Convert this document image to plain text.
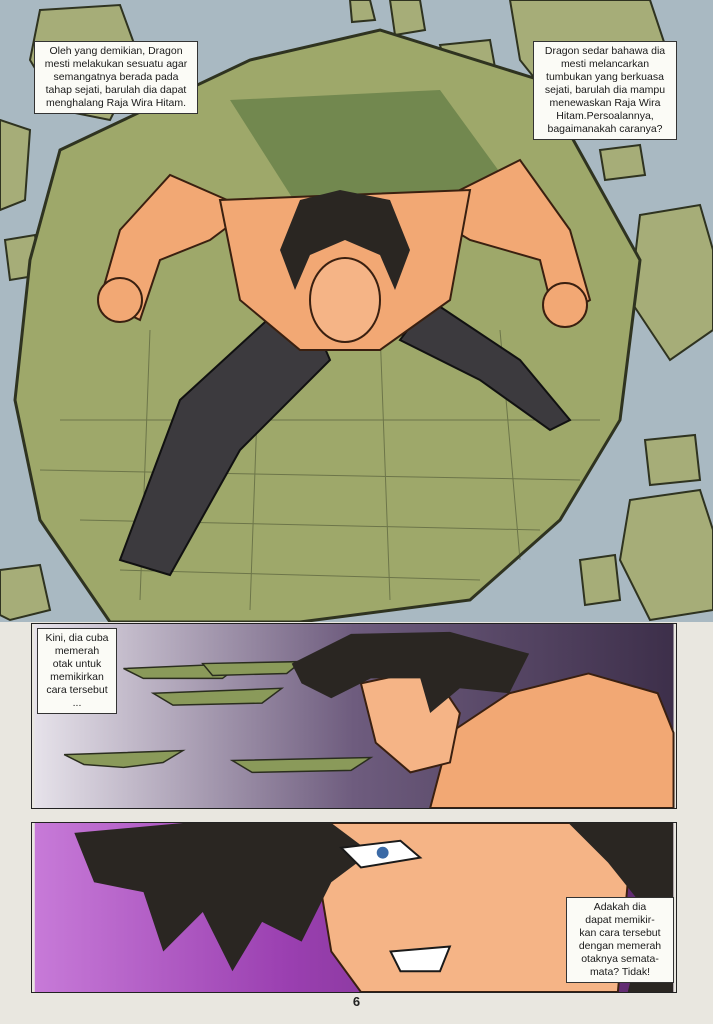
Oleh yang demikian, Dragon
mesti melakukan sesuatu agar
semangatnya berada pada
tahap sejati, barulah dia dapat
menghalang Raja Wira Hitam.
Dragon sedar bahawa dia
mesti melancarkan
tumbukan yang berkuasa
sejati, barulah dia mampu
menewaskan Raja Wira
Hitam.Persoalannya,
bagaimanakah caranya?
Kini, dia cuba
memerah
otak untuk
memikirkan
cara tersebut
...
Adakah dia
dapat memikir-
kan cara tersebut
dengan memerah
otaknya semata-
mata? Tidak!
6
